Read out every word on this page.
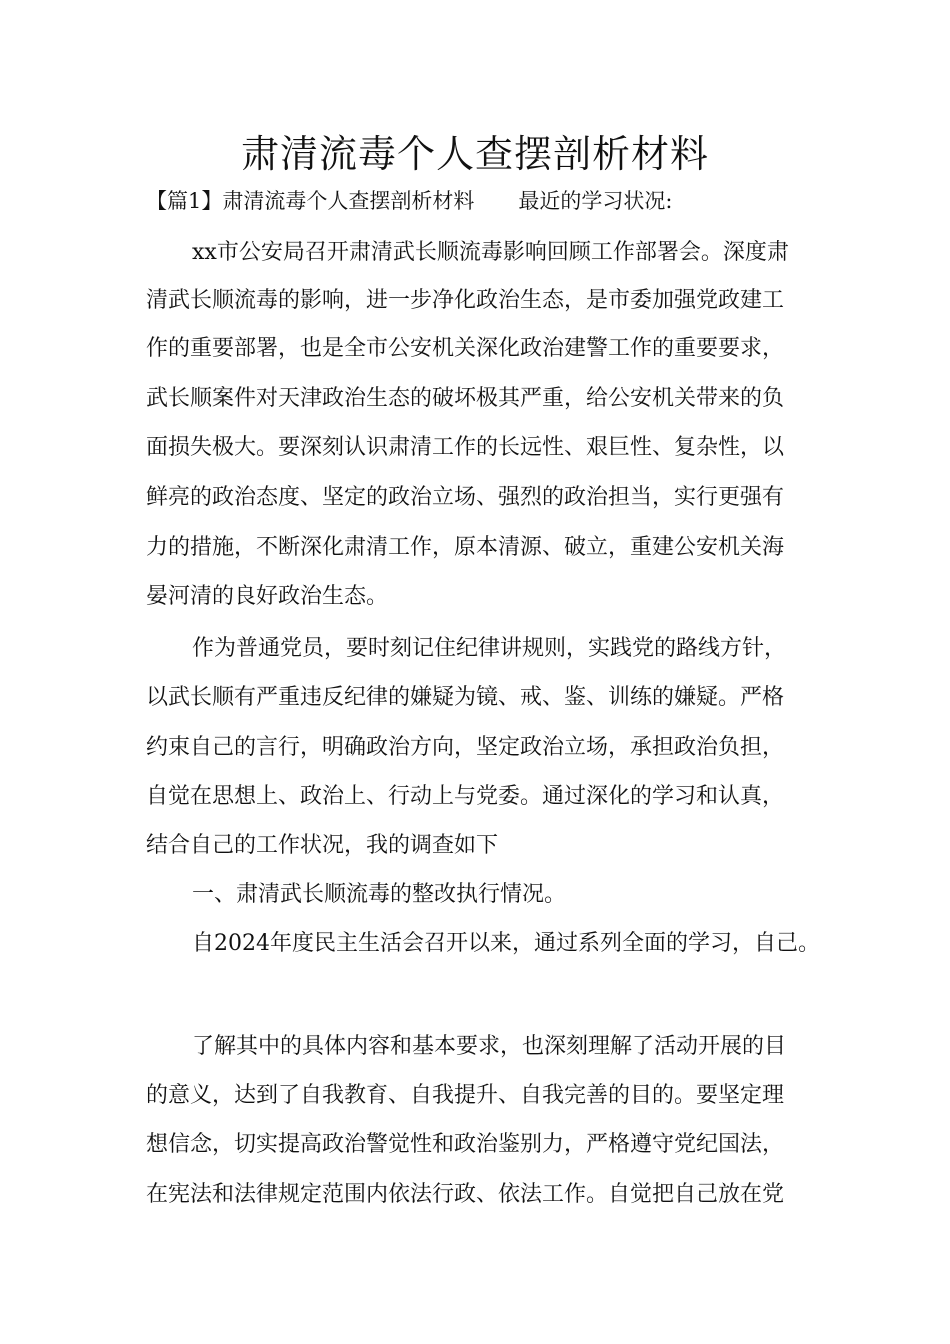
肃清流毒个人查摆剖析材料
【篇1】肃清流毒个人查摆剖析材料 最近的学习状况:
xx市公安局召开肃清武长顺流毒影响回顾工作部署会。深度肃
清武长顺流毒的影响，进一步净化政治生态，是市委加强党政建工
作的重要部署，也是全市公安机关深化政治建警工作的重要要求，
武长顺案件对天津政治生态的破坏极其严重，给公安机关带来的负
面损失极大。要深刻认识肃清工作的长远性、艰巨性、复杂性，以
鲜亮的政治态度、坚定的政治立场、强烈的政治担当，实行更强有
力的措施，不断深化肃清工作，原本清源、破立，重建公安机关海
晏河清的良好政治生态。
作为普通党员，要时刻记住纪律讲规则，实践党的路线方针，
以武长顺有严重违反纪律的嫌疑为镜、戒、鉴、训练的嫌疑。严格
约束自己的言行，明确政治方向，坚定政治立场，承担政治负担，
自觉在思想上、政治上、行动上与党委。通过深化的学习和认真，
结合自己的工作状况，我的调查如下
一、肃清武长顺流毒的整改执行情况。
自2024年度民主生活会召开以来，通过系列全面的学习，自己。
了解其中的具体内容和基本要求，也深刻理解了活动开展的目
的意义，达到了自我教育、自我提升、自我完善的目的。要坚定理
想信念，切实提高政治警觉性和政治鉴别力，严格遵守党纪国法，
在宪法和法律规定范围内依法行政、依法工作。自觉把自己放在党
